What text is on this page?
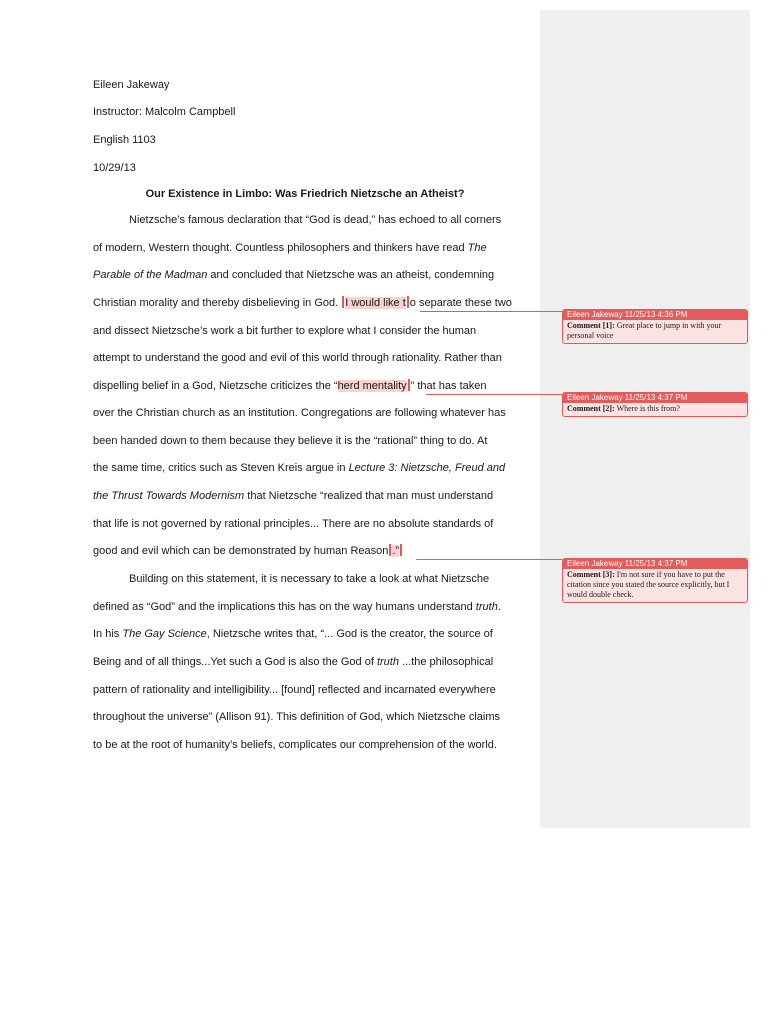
Eileen Jakeway
Instructor: Malcolm Campbell
English 1103
10/29/13
Our Existence in Limbo: Was Friedrich Nietzsche an Atheist?
Nietzsche’s famous declaration that “God is dead,” has echoed to all corners
of modern, Western thought. Countless philosophers and thinkers have read The
Parable of the Madman and concluded that Nietzsche was an atheist, condemning
Christian morality and thereby disbelieving in God. I would like t o separate these two
and dissect Nietzsche’s work a bit further to explore what I consider the human
attempt to understand the good and evil of this world through rationality. Rather than
dispelling belief in a God, Nietzsche criticizes the “herd mentality ” that has taken
over the Christian church as an institution. Congregations are following whatever has
been handed down to them because they believe it is the “rational” thing to do. At
the same time, critics such as Steven Kreis argue in Lecture 3: Nietzsche, Freud and
the Thrust Towards Modernism that Nietzsche “realized that man must understand
that life is not governed by rational principles... There are no absolute standards of
good and evil which can be demonstrated by human Reason .”
Building on this statement, it is necessary to take a look at what Nietzsche
defined as “God” and the implications this has on the way humans understand truth.
In his The Gay Science, Nietzsche writes that, “... God is the creator, the source of
Being and of all things...Yet such a God is also the God of truth ...the philosophical
pattern of rationality and intelligibility... [found] reflected and incarnated everywhere
throughout the universe” (Allison 91). This definition of God, which Nietzsche claims
to be at the root of humanity’s beliefs, complicates our comprehension of the world.
Eileen Jakeway 11/25/13 4:36 PM
Comment [1]: Great place to jump in with your personal voice
Eileen Jakeway 11/25/13 4:37 PM
Comment [2]: Where is this from?
Eileen Jakeway 11/25/13 4:37 PM
Comment [3]: I'm not sure if you have to put the citation since you stated the source explicitly, but I would double check.
